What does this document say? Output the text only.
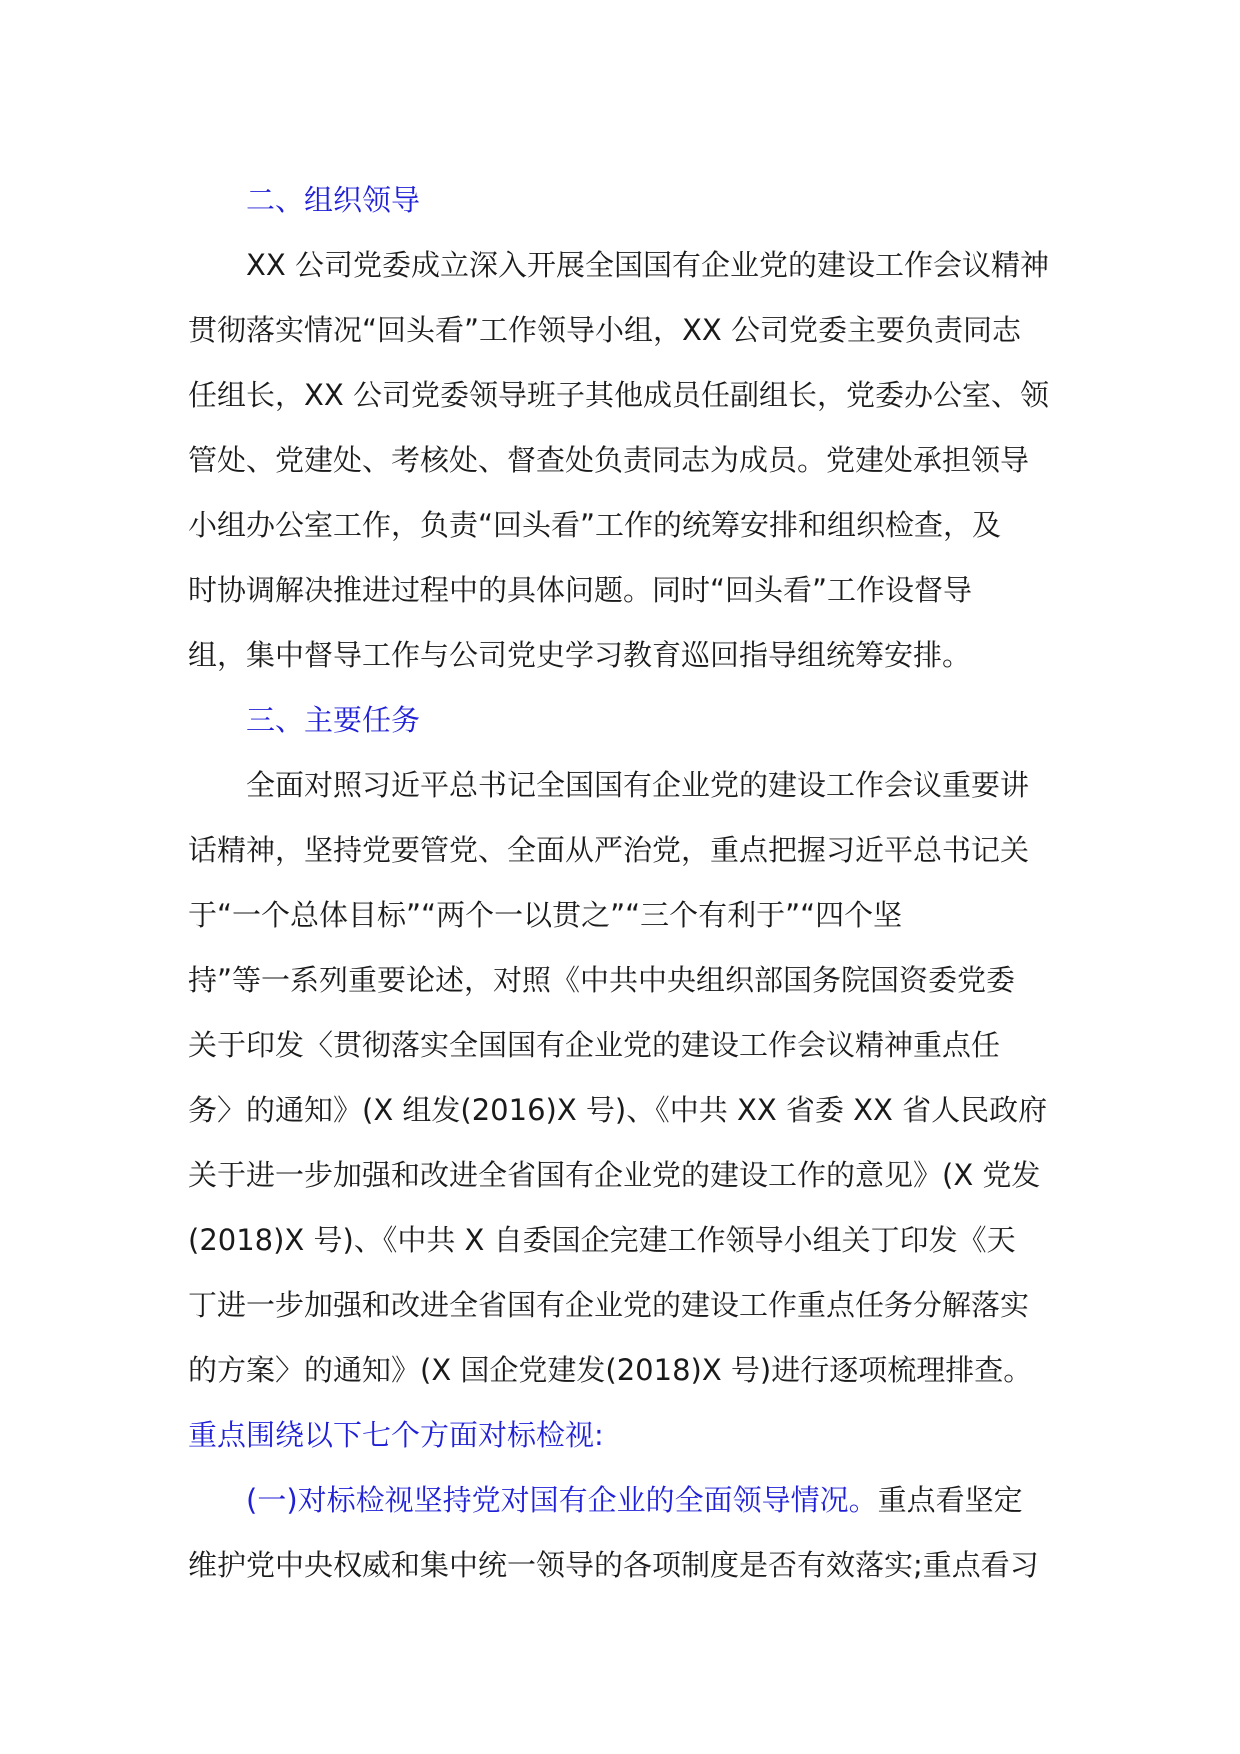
二、组织领导
XX 公司党委成立深入开展全国国有企业党的建设工作会议精神
贯彻落实情况“回头看”工作领导小组，XX 公司党委主要负责同志
任组长，XX 公司党委领导班子其他成员任副组长，党委办公室、领
管处、党建处、考核处、督查处负责同志为成员。党建处承担领导
小组办公室工作，负责“回头看”工作的统筹安排和组织检查，及
时协调解决推进过程中的具体问题。同时“回头看”工作设督导
组，集中督导工作与公司党史学习教育巡回指导组统筹安排。
三、主要任务
全面对照习近平总书记全国国有企业党的建设工作会议重要讲
话精神，坚持党要管党、全面从严治党，重点把握习近平总书记关
于“一个总体目标”“两个一以贯之”“三个有利于”“四个坚
持”等一系列重要论述，对照《中共中央组织部国务院国资委党委
关于印发〈贯彻落实全国国有企业党的建设工作会议精神重点任
务〉的通知》(X 组发(2016)X 号)、《中共 XX 省委 XX 省人民政府
关于进一步加强和改进全省国有企业党的建设工作的意见》(X 党发
(2018)X 号)、《中共 X 自委国企完建工作领导小组关丁印发《天
丁进一步加强和改进全省国有企业党的建设工作重点任务分解落实
的方案〉的通知》(X 国企党建发(2018)X 号)进行逐项梳理排查。
重点围绕以下七个方面对标检视:
(一)对标检视坚持党对国有企业的全面领导情况。重点看坚定
维护党中央权威和集中统一领导的各项制度是否有效落实;重点看习
